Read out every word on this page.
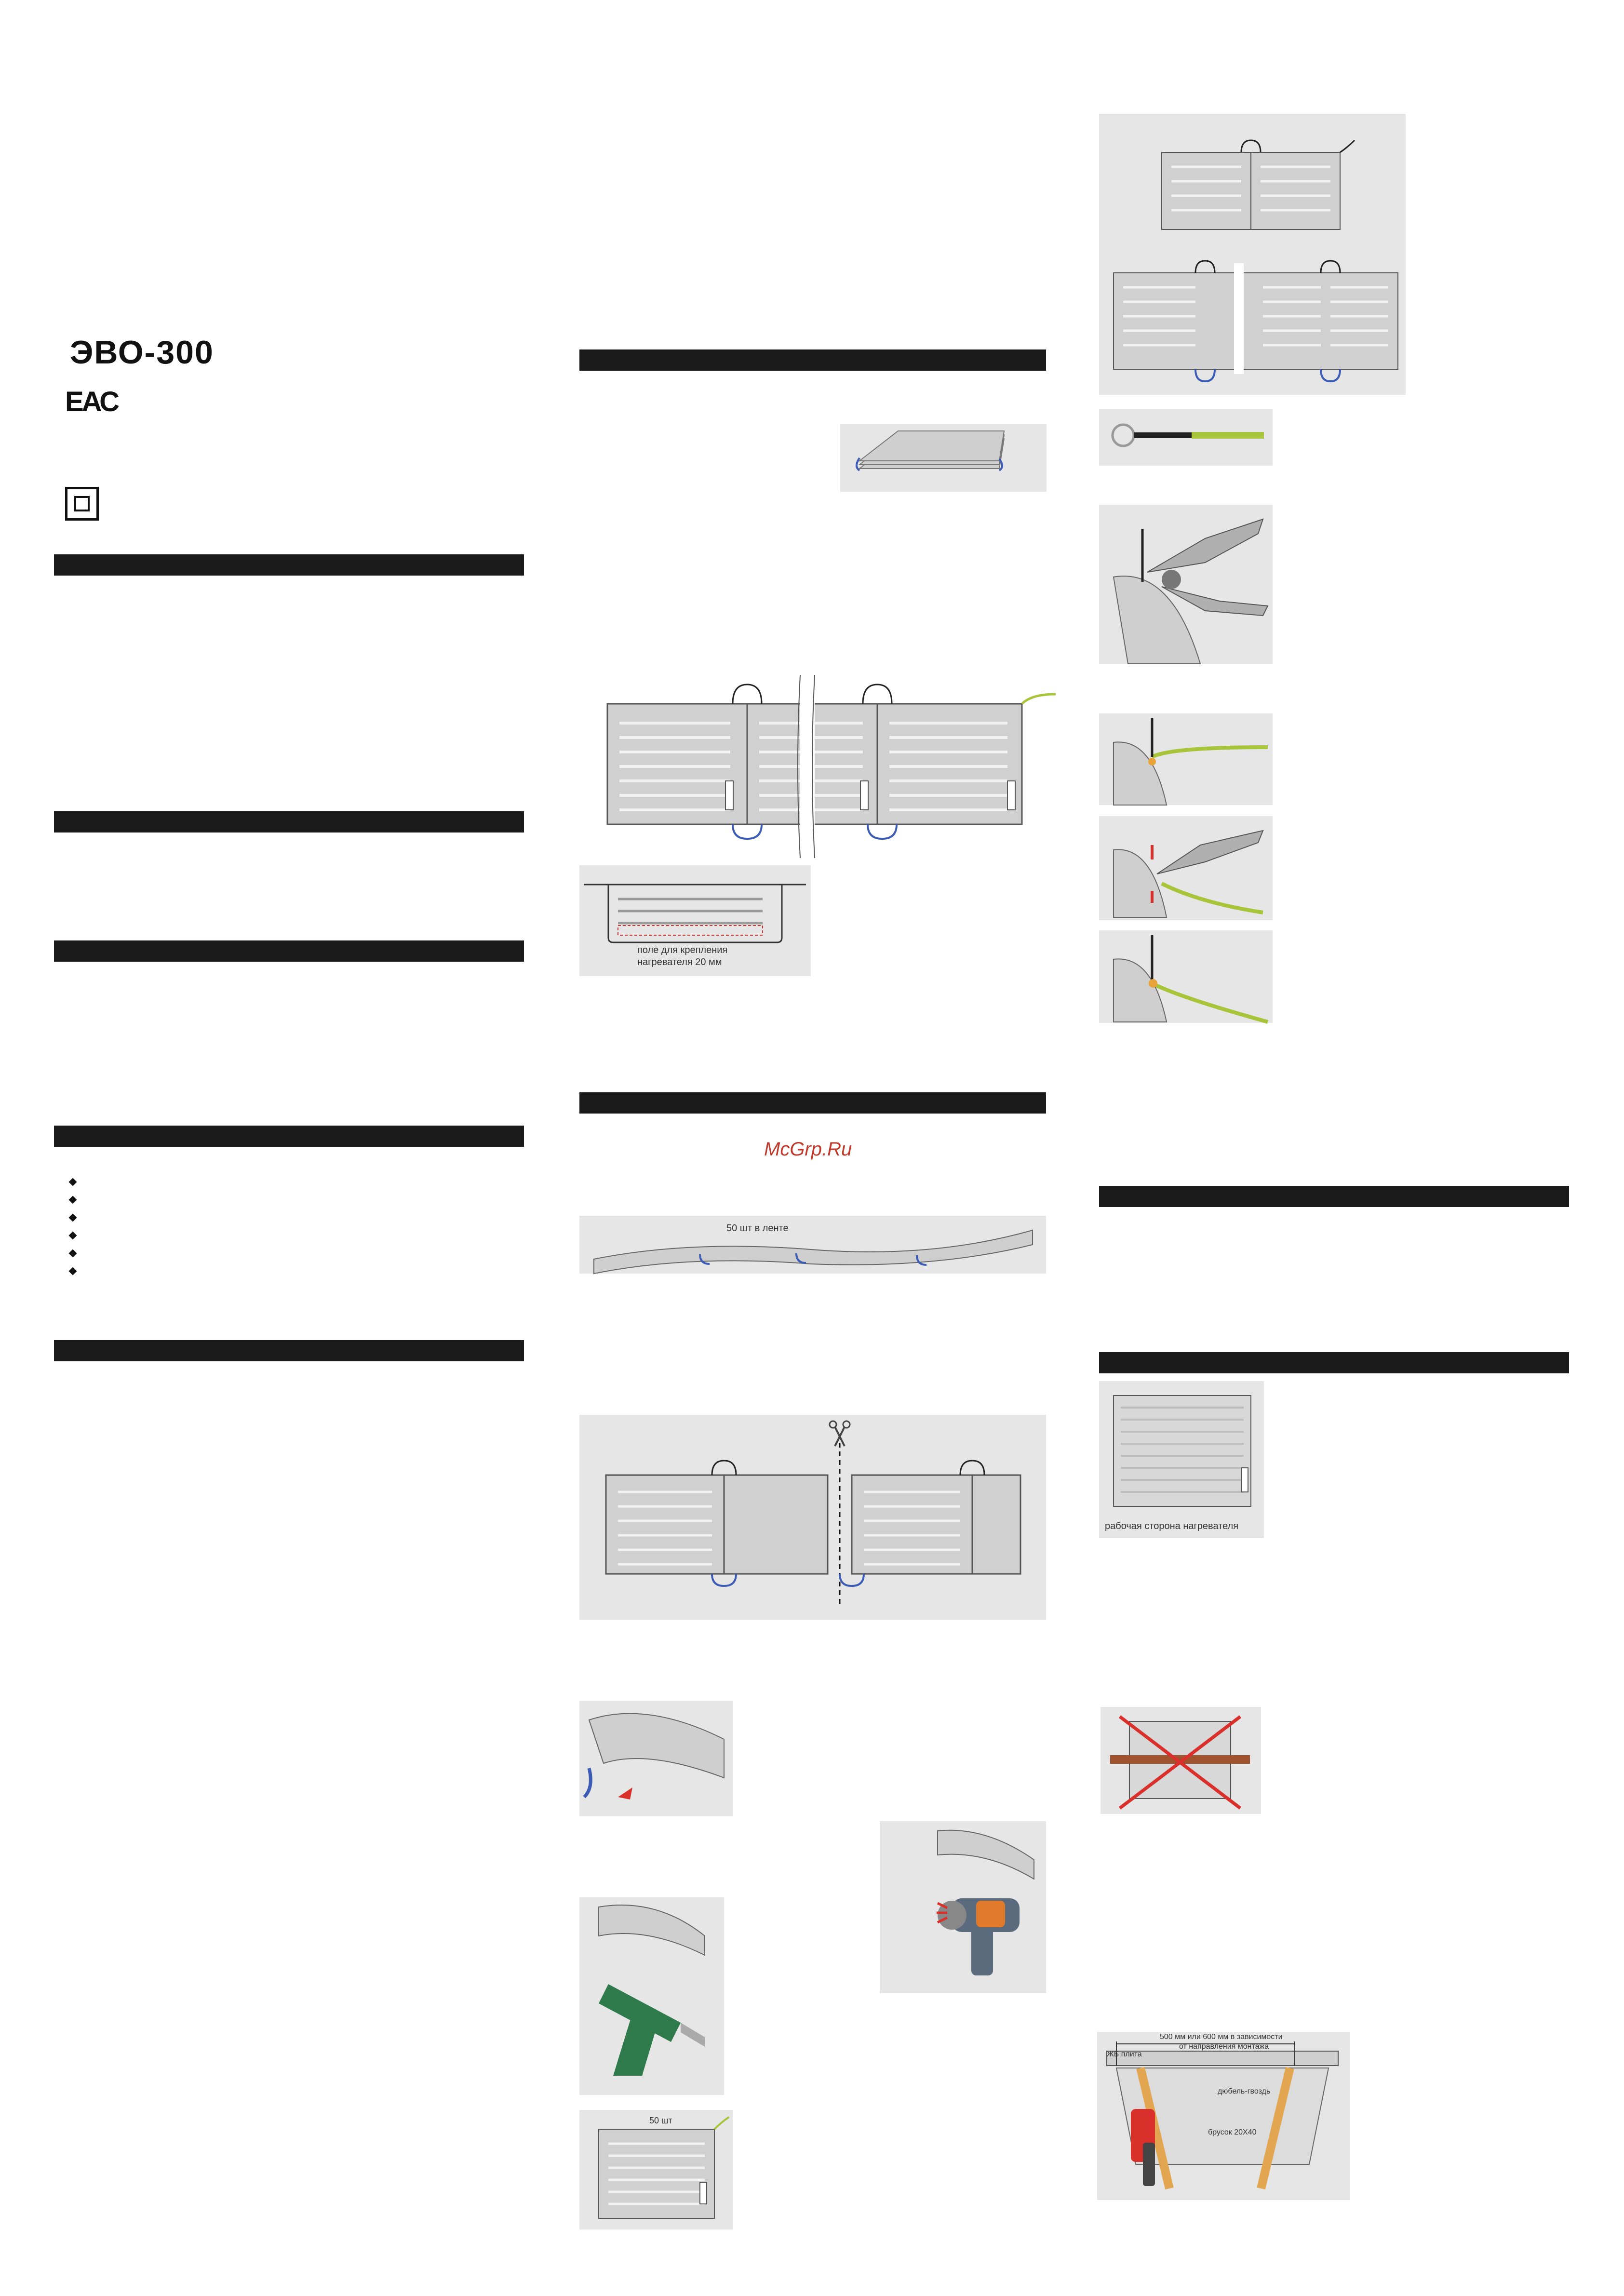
ЭВО-300
ЕАС
поле для крепления
нагревателя 20 мм
McGrp.Ru
50 шт в ленте
50 шт
рабочая сторона нагревателя
ЖБ плита
500 мм или 600 мм в зависимости
от направления монтажа
дюбель-гвоздь
брусок 20Х40
